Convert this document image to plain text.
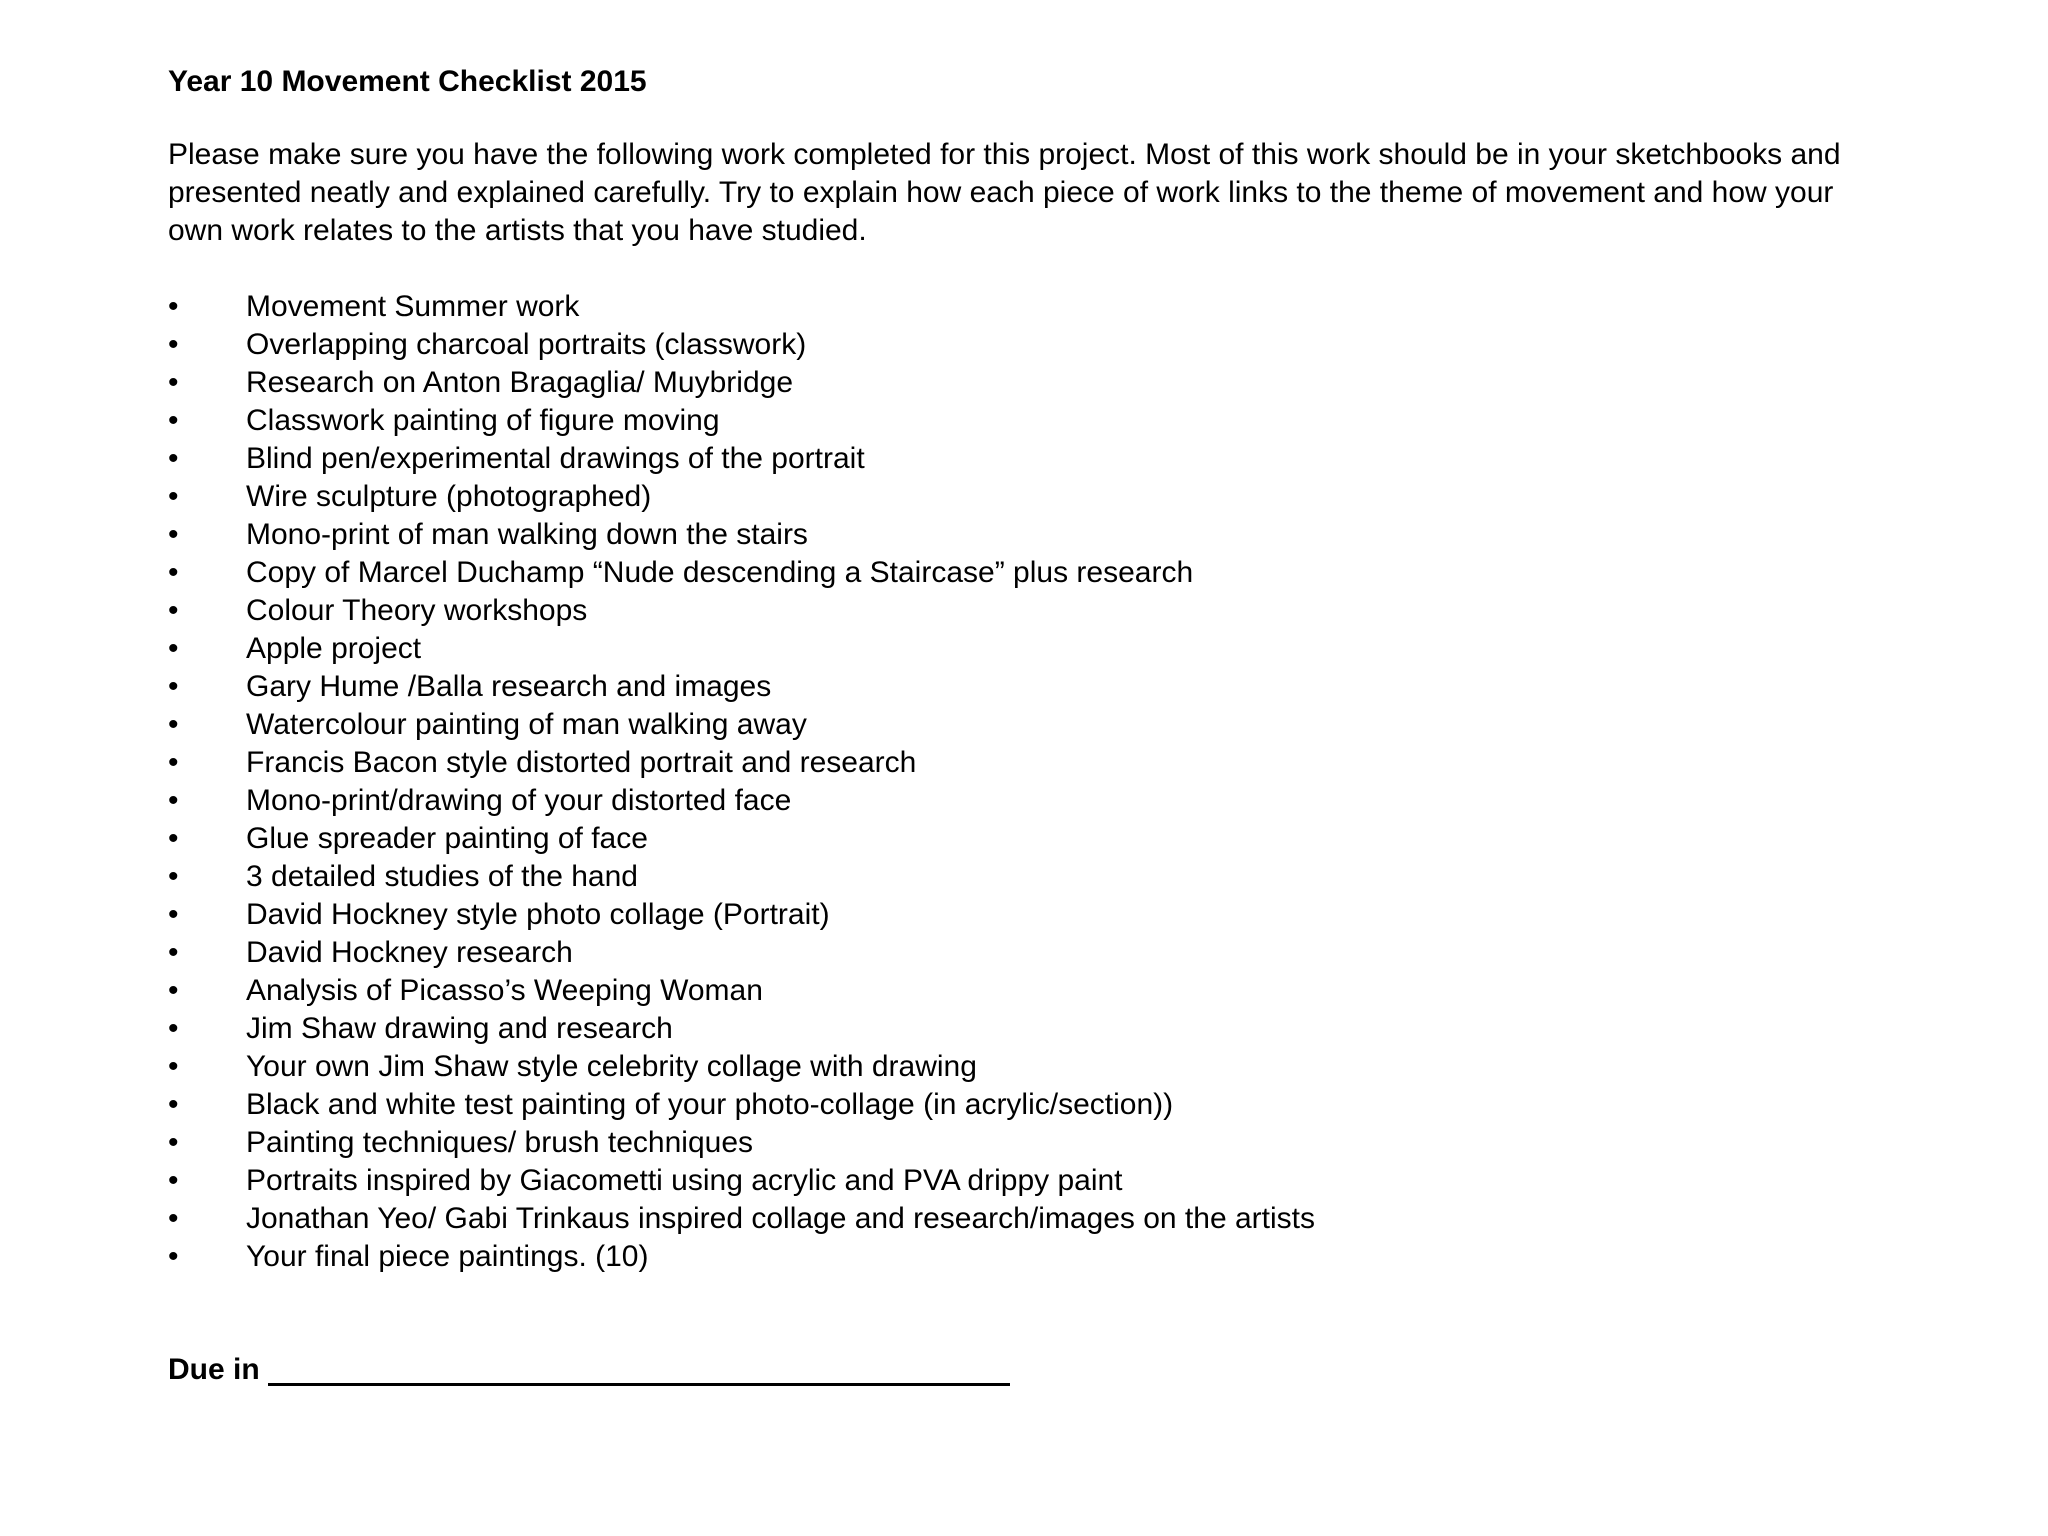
Year 10 Movement Checklist 2015

Please make sure you have the following work completed for this project. Most of this work should be in your sketchbooks and presented neatly and explained carefully. Try to explain how each piece of work links to the theme of movement and how your own work relates to the artists that you have studied.

•	Movement Summer work
•	Overlapping charcoal portraits (classwork)
•	Research on Anton Bragaglia/ Muybridge
•	Classwork painting of figure moving
•	Blind pen/experimental drawings of the portrait
•	Wire sculpture (photographed)
•	Mono-print of man walking down the stairs
•	Copy of Marcel Duchamp “Nude descending a Staircase” plus research
•	Colour Theory workshops
•	Apple project
•	Gary Hume /Balla research and images
•	Watercolour painting of man walking away
•	Francis Bacon style distorted portrait and research
•	Mono-print/drawing of your distorted face
•	Glue spreader painting of face
•	3 detailed studies of the hand
•	David Hockney style photo collage (Portrait)
•	David Hockney research
•	Analysis of Picasso’s Weeping Woman
•	Jim Shaw drawing and research
•	Your own Jim Shaw style celebrity collage with drawing
•	Black and white test painting of your photo-collage (in acrylic/section))
•	Painting techniques/ brush techniques
•	Portraits inspired by Giacometti using acrylic and PVA drippy paint
•	Jonathan Yeo/ Gabi Trinkaus inspired collage and research/images on the artists
•	Your final piece paintings. (10)
Due in
